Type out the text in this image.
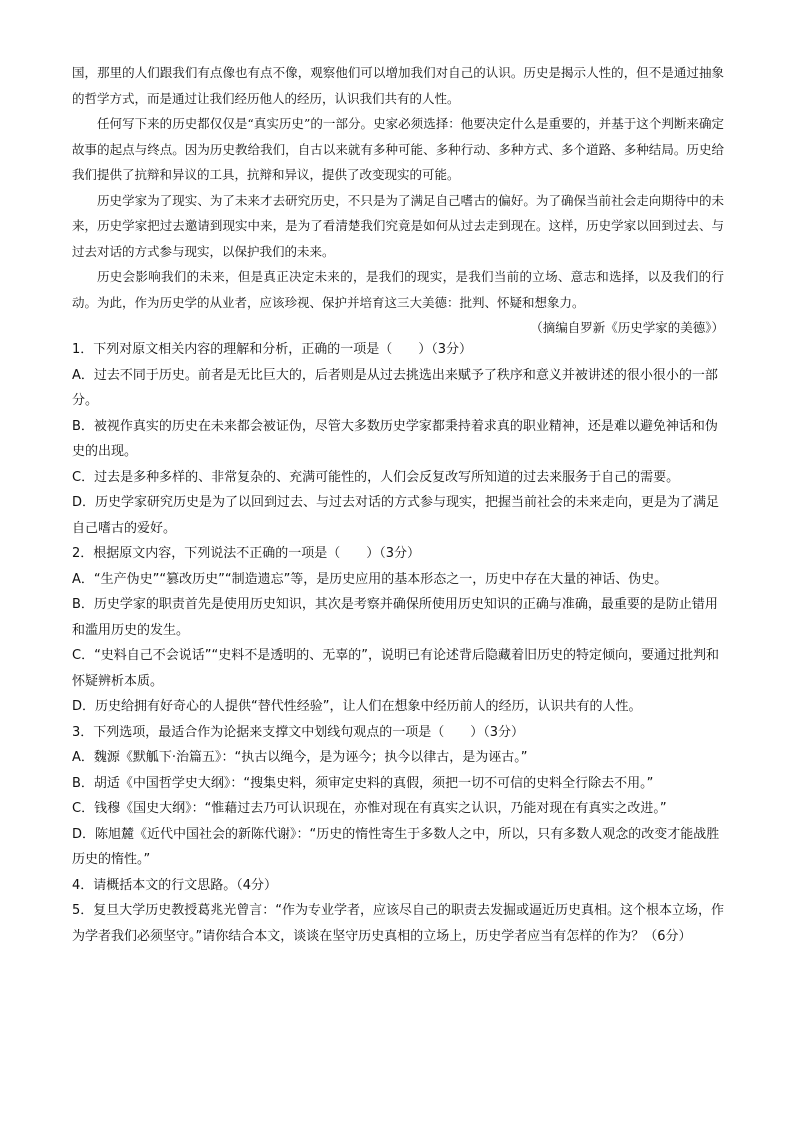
国，那里的人们跟我们有点像也有点不像，观察他们可以增加我们对自己的认识。历史是揭示人性的，但不是通过抽象的哲学方式，而是通过让我们经历他人的经历，认识我们共有的人性。

任何写下来的历史都仅仅是“真实历史”的一部分。史家必须选择：他要决定什么是重要的，并基于这个判断来确定故事的起点与终点。因为历史教给我们，自古以来就有多种可能、多种行动、多种方式、多个道路、多种结局。历史给我们提供了抗辩和异议的工具，抗辩和异议，提供了改变现实的可能。

历史学家为了现实、为了未来才去研究历史，不只是为了满足自己嗜古的偏好。为了确保当前社会走向期待中的未来，历史学家把过去邀请到现实中来，是为了看清楚我们究竟是如何从过去走到现在。这样，历史学家以回到过去、与过去对话的方式参与现实，以保护我们的未来。

历史会影响我们的未来，但是真正决定未来的，是我们的现实，是我们当前的立场、意志和选择，以及我们的行动。为此，作为历史学的从业者，应该珍视、保护并培育这三大美德：批判、怀疑和想象力。

（摘编自罗新《历史学家的美德》）

1．下列对原文相关内容的理解和分析，正确的一项是（　　）（3分）

A．过去不同于历史。前者是无比巨大的，后者则是从过去挑选出来赋予了秩序和意义并被讲述的很小很小的一部分。

B．被视作真实的历史在未来都会被证伪，尽管大多数历史学家都秉持着求真的职业精神，还是难以避免神话和伪史的出现。

C．过去是多种多样的、非常复杂的、充满可能性的，人们会反复改写所知道的过去来服务于自己的需要。

D．历史学家研究历史是为了以回到过去、与过去对话的方式参与现实，把握当前社会的未来走向，更是为了满足自己嗜古的爱好。

2．根据原文内容，下列说法不正确的一项是（　　）（3分）

A．“生产伪史”“篡改历史”“制造遗忘”等，是历史应用的基本形态之一，历史中存在大量的神话、伪史。

B．历史学家的职责首先是使用历史知识，其次是考察并确保所使用历史知识的正确与准确，最重要的是防止错用和滥用历史的发生。

C．“史料自己不会说话”“史料不是透明的、无辜的”，说明已有论述背后隐藏着旧历史的特定倾向，要通过批判和怀疑辨析本质。

D．历史给拥有好奇心的人提供“替代性经验”，让人们在想象中经历前人的经历，认识共有的人性。

3．下列选项，最适合作为论据来支撑文中划线句观点的一项是（　　）（3分）

A．魏源《默觚下·治篇五》：“执古以绳今，是为诬今；执今以律古，是为诬古。”

B．胡适《中国哲学史大纲》：“搜集史料，须审定史料的真假，须把一切不可信的史料全行除去不用。”

C．钱穆《国史大纲》：“惟藉过去乃可认识现在，亦惟对现在有真实之认识，乃能对现在有真实之改进。”

D．陈旭麓《近代中国社会的新陈代谢》：“历史的惰性寄生于多数人之中，所以，只有多数人观念的改变才能战胜历史的惰性。”

4．请概括本文的行文思路。（4分）

5．复旦大学历史教授葛兆光曾言：“作为专业学者，应该尽自己的职责去发掘或逼近历史真相。这个根本立场，作为学者我们必须坚守。”请你结合本文，谈谈在坚守历史真相的立场上，历史学者应当有怎样的作为？（6分）
